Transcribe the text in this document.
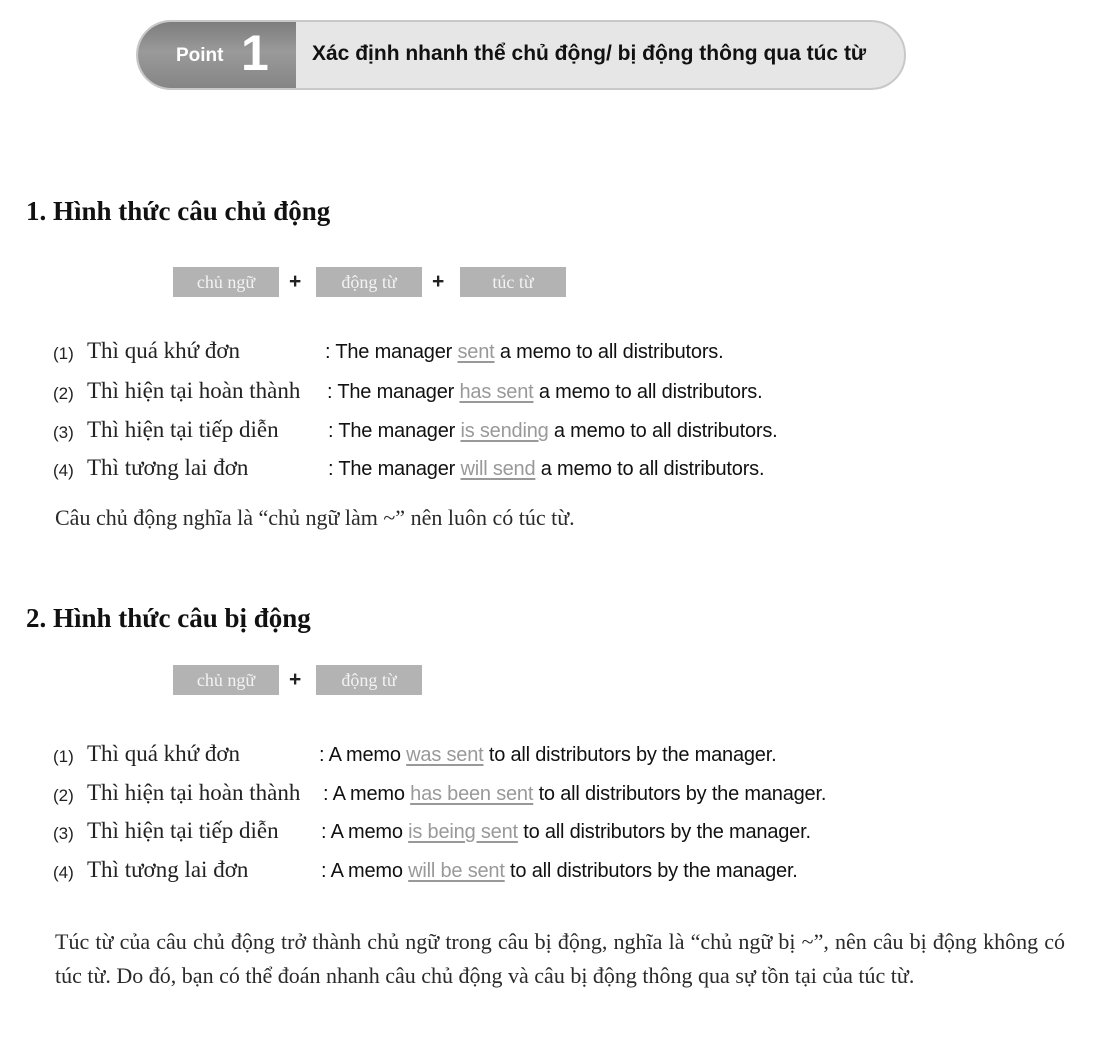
Point 1 Xác định nhanh thể chủ động/ bị động thông qua túc từ
1. Hình thức câu chủ động
chủ ngữ	+	động từ	+	túc từ
(1) Thì quá khứ đơn	: The manager sent a memo to all distributors.
(2) Thì hiện tại hoàn thành : The manager has sent a memo to all distributors.
(3) Thì hiện tại tiếp diễn : The manager is sending a memo to all distributors.
(4) Thì tương lai đơn	: The manager will send a memo to all distributors.

Câu chủ động nghĩa là “chủ ngữ làm ~” nên luôn có túc từ.

2. Hình thức câu bị động
chủ ngữ	+	động từ
(1) Thì quá khứ đơn	: A memo was sent to all distributors by the manager.
(2) Thì hiện tại hoàn thành : A memo has been sent to all distributors by the manager.
(3) Thì hiện tại tiếp diễn : A memo is being sent to all distributors by the manager.
(4) Thì tương lai đơn	: A memo will be sent to all distributors by the manager.

Túc từ của câu chủ động trở thành chủ ngữ trong câu bị động, nghĩa là “chủ ngữ bị ~”, nên câu bị động không có túc từ. Do đó, bạn có thể đoán nhanh câu chủ động và câu bị động thông qua sự tồn tại của túc từ.
